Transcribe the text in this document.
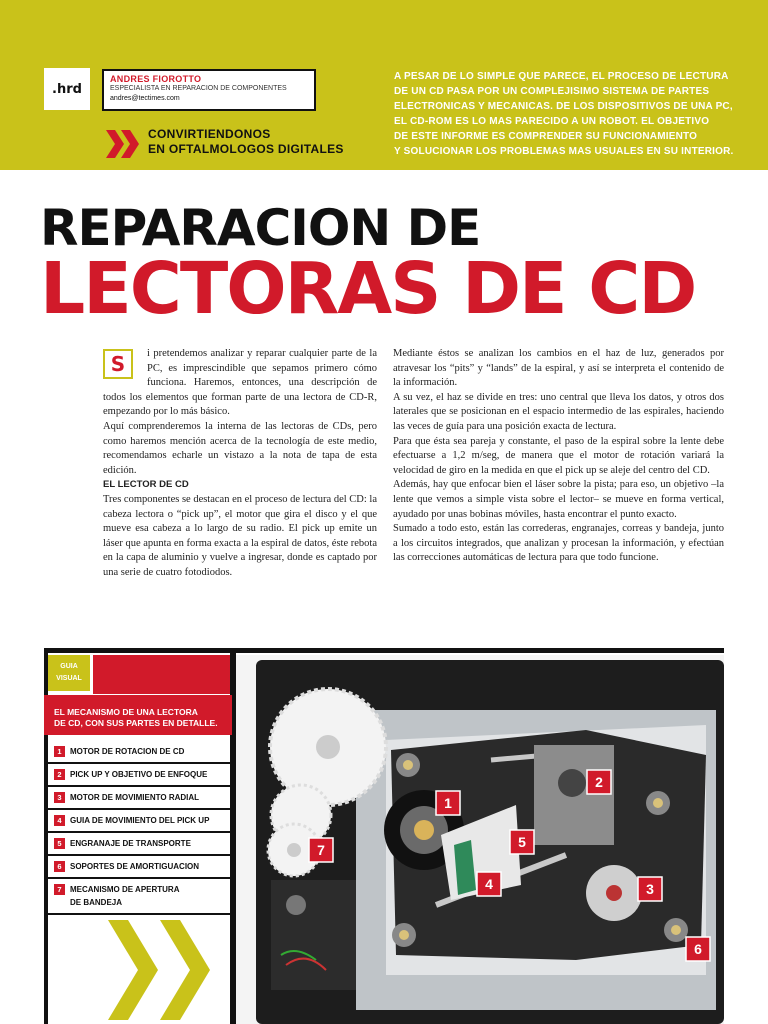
.hrd
ANDRES FIOROTTO
ESPECIALISTA EN REPARACION DE COMPONENTES
andres@tectimes.com
CONVIRTIENDONOS
EN OFTALMOLOGOS DIGITALES
A PESAR DE LO SIMPLE QUE PARECE, EL PROCESO DE LECTURA
DE UN CD PASA POR UN COMPLEJISIMO SISTEMA DE PARTES
ELECTRONICAS Y MECANICAS. DE LOS DISPOSITIVOS DE UNA PC,
EL CD-ROM ES LO MAS PARECIDO A UN ROBOT. EL OBJETIVO
DE ESTE INFORME ES COMPRENDER SU FUNCIONAMIENTO
Y SOLUCIONAR LOS PROBLEMAS MAS USUALES EN SU INTERIOR.
REPARACION DE
LECTORAS DE CD
S	i pretendemos analizar y reparar cualquier parte de la PC, es imprescindible que sepamos primero cómo funciona. Haremos, entonces, una descripción de todos los elementos que forman parte de una lectora de CD-R, empezando por lo más básico.

Aquí comprenderemos la interna de las lectoras de CDs, pero como haremos mención acerca de la tecnología de este medio, recomendamos echarle un vistazo a la nota de tapa de esta edición.

EL LECTOR DE CD

Tres componentes se destacan en el proceso de lectura del CD: la cabeza lectora o “pick up”, el motor que gira el disco y el que mueve esa cabeza a lo largo de su radio. El pick up emite un láser que apunta en forma exacta a la espiral de datos, éste rebota en la capa de aluminio y vuelve a ingresar, donde es captado por una serie de cuatro fotodiodos.

Mediante éstos se analizan los cambios en el haz de luz, generados por atravesar los “pits” y “lands” de la espiral, y así se interpreta el contenido de la información.

A su vez, el haz se divide en tres: uno central que lleva los datos, y otros dos laterales que se posicionan en el espacio intermedio de las espirales, haciendo las veces de guía para una posición exacta de lectura.

Para que ésta sea pareja y constante, el paso de la espiral sobre la lente debe efectuarse a 1,2 m/seg, de manera que el motor de rotación variará la velocidad de giro en la medida en que el pick up se aleje del centro del CD.

Además, hay que enfocar bien el láser sobre la pista; para eso, un objetivo –la lente que vemos a simple vista sobre el lector– se mueve en forma vertical, ayudado por unas bobinas móviles, hasta encontrar el punto exacto.

Sumado a todo esto, están las correderas, engranajes, correas y bandeja, junto a los circuitos integrados, que analizan y procesan la información, y efectúan las correcciones automáticas de lectura para que todo funcione.

GUIA
VISUAL
EL MECANISMO DE UNA LECTORA
DE CD, CON SUS PARTES EN DETALLE.
1	MOTOR DE ROTACION DE CD
2	PICK UP Y OBJETIVO DE ENFOQUE
3	MOTOR DE MOVIMIENTO RADIAL
4	GUIA DE MOVIMIENTO DEL PICK UP
5	ENGRANAJE DE TRANSPORTE
6	SOPORTES DE AMORTIGUACION
7	MECANISMO DE APERTURA
DE BANDEJA
1
2
3
4
5
6
7
